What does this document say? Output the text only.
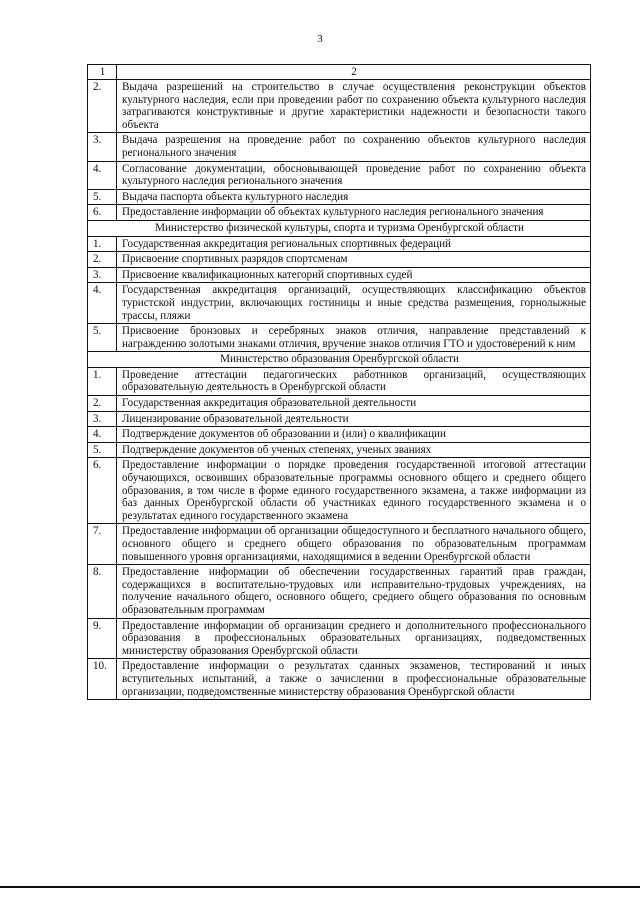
3
1	2
2.	Выдача разрешений на строительство в случае осуществления реконструкции объектов культурного наследия, если при проведении работ по сохранению объекта культурного наследия затрагиваются конструктивные и другие характеристики надежности и безопасности такого объекта
3.	Выдача разрешения на проведение работ по сохранению объектов культурного наследия регионального значения
4.	Согласование документации, обосновывающей проведение работ по сохранению объекта культурного наследия регионального значения
5.	Выдача паспорта объекта культурного наследия
6.	Предоставление информации об объектах культурного наследия регионального значения
Министерство физической культуры, спорта и туризма Оренбургской области	
1.	Государственная аккредитация региональных спортивных федераций
2.	Присвоение спортивных разрядов спортсменам
3.	Присвоение квалификационных категорий спортивных судей
4.	Государственная аккредитация организаций, осуществляющих классификацию объектов туристской индустрии, включающих гостиницы и иные средства размещения, горнолыжные трассы, пляжи
5.	Присвоение бронзовых и серебряных знаков отличия, направление представлений к награждению золотыми знаками отличия, вручение знаков отличия ГТО и удостоверений к ним
Министерство образования Оренбургской области	
1.	Проведение аттестации педагогических работников организаций, осуществляющих образовательную деятельность в Оренбургской области
2.	Государственная аккредитация образовательной деятельности
3.	Лицензирование образовательной деятельности
4.	Подтверждение документов об образовании и (или) о квалификации
5.	Подтверждение документов об ученых степенях, ученых званиях
6.	Предоставление информации о порядке проведения государственной итоговой аттестации обучающихся, освоивших образовательные программы основного общего и среднего общего образования, в том числе в форме единого государственного экзамена, а также информации из баз данных Оренбургской области об участниках единого государственного экзамена и о результатах единого государственного экзамена
7.	Предоставление информации об организации общедоступного и бесплатного начального общего, основного общего и среднего общего образования по образовательным программам повышенного уровня организациями, находящимися в ведении Оренбургской области
8.	Предоставление информации об обеспечении государственных гарантий прав граждан, содержащихся в воспитательно-трудовых или исправительно-трудовых учреждениях, на получение начального общего, основного общего, среднего общего образования по основным образовательным программам
9.	Предоставление информации об организации среднего и дополнительного профессионального образования в профессиональных образовательных организациях, подведомственных министерству образования Оренбургской области
10.	Предоставление информации о результатах сданных экзаменов, тестирований и иных вступительных испытаний, а также о зачислении в профессиональные образовательные организации, подведомственные министерству образования Оренбургской области
